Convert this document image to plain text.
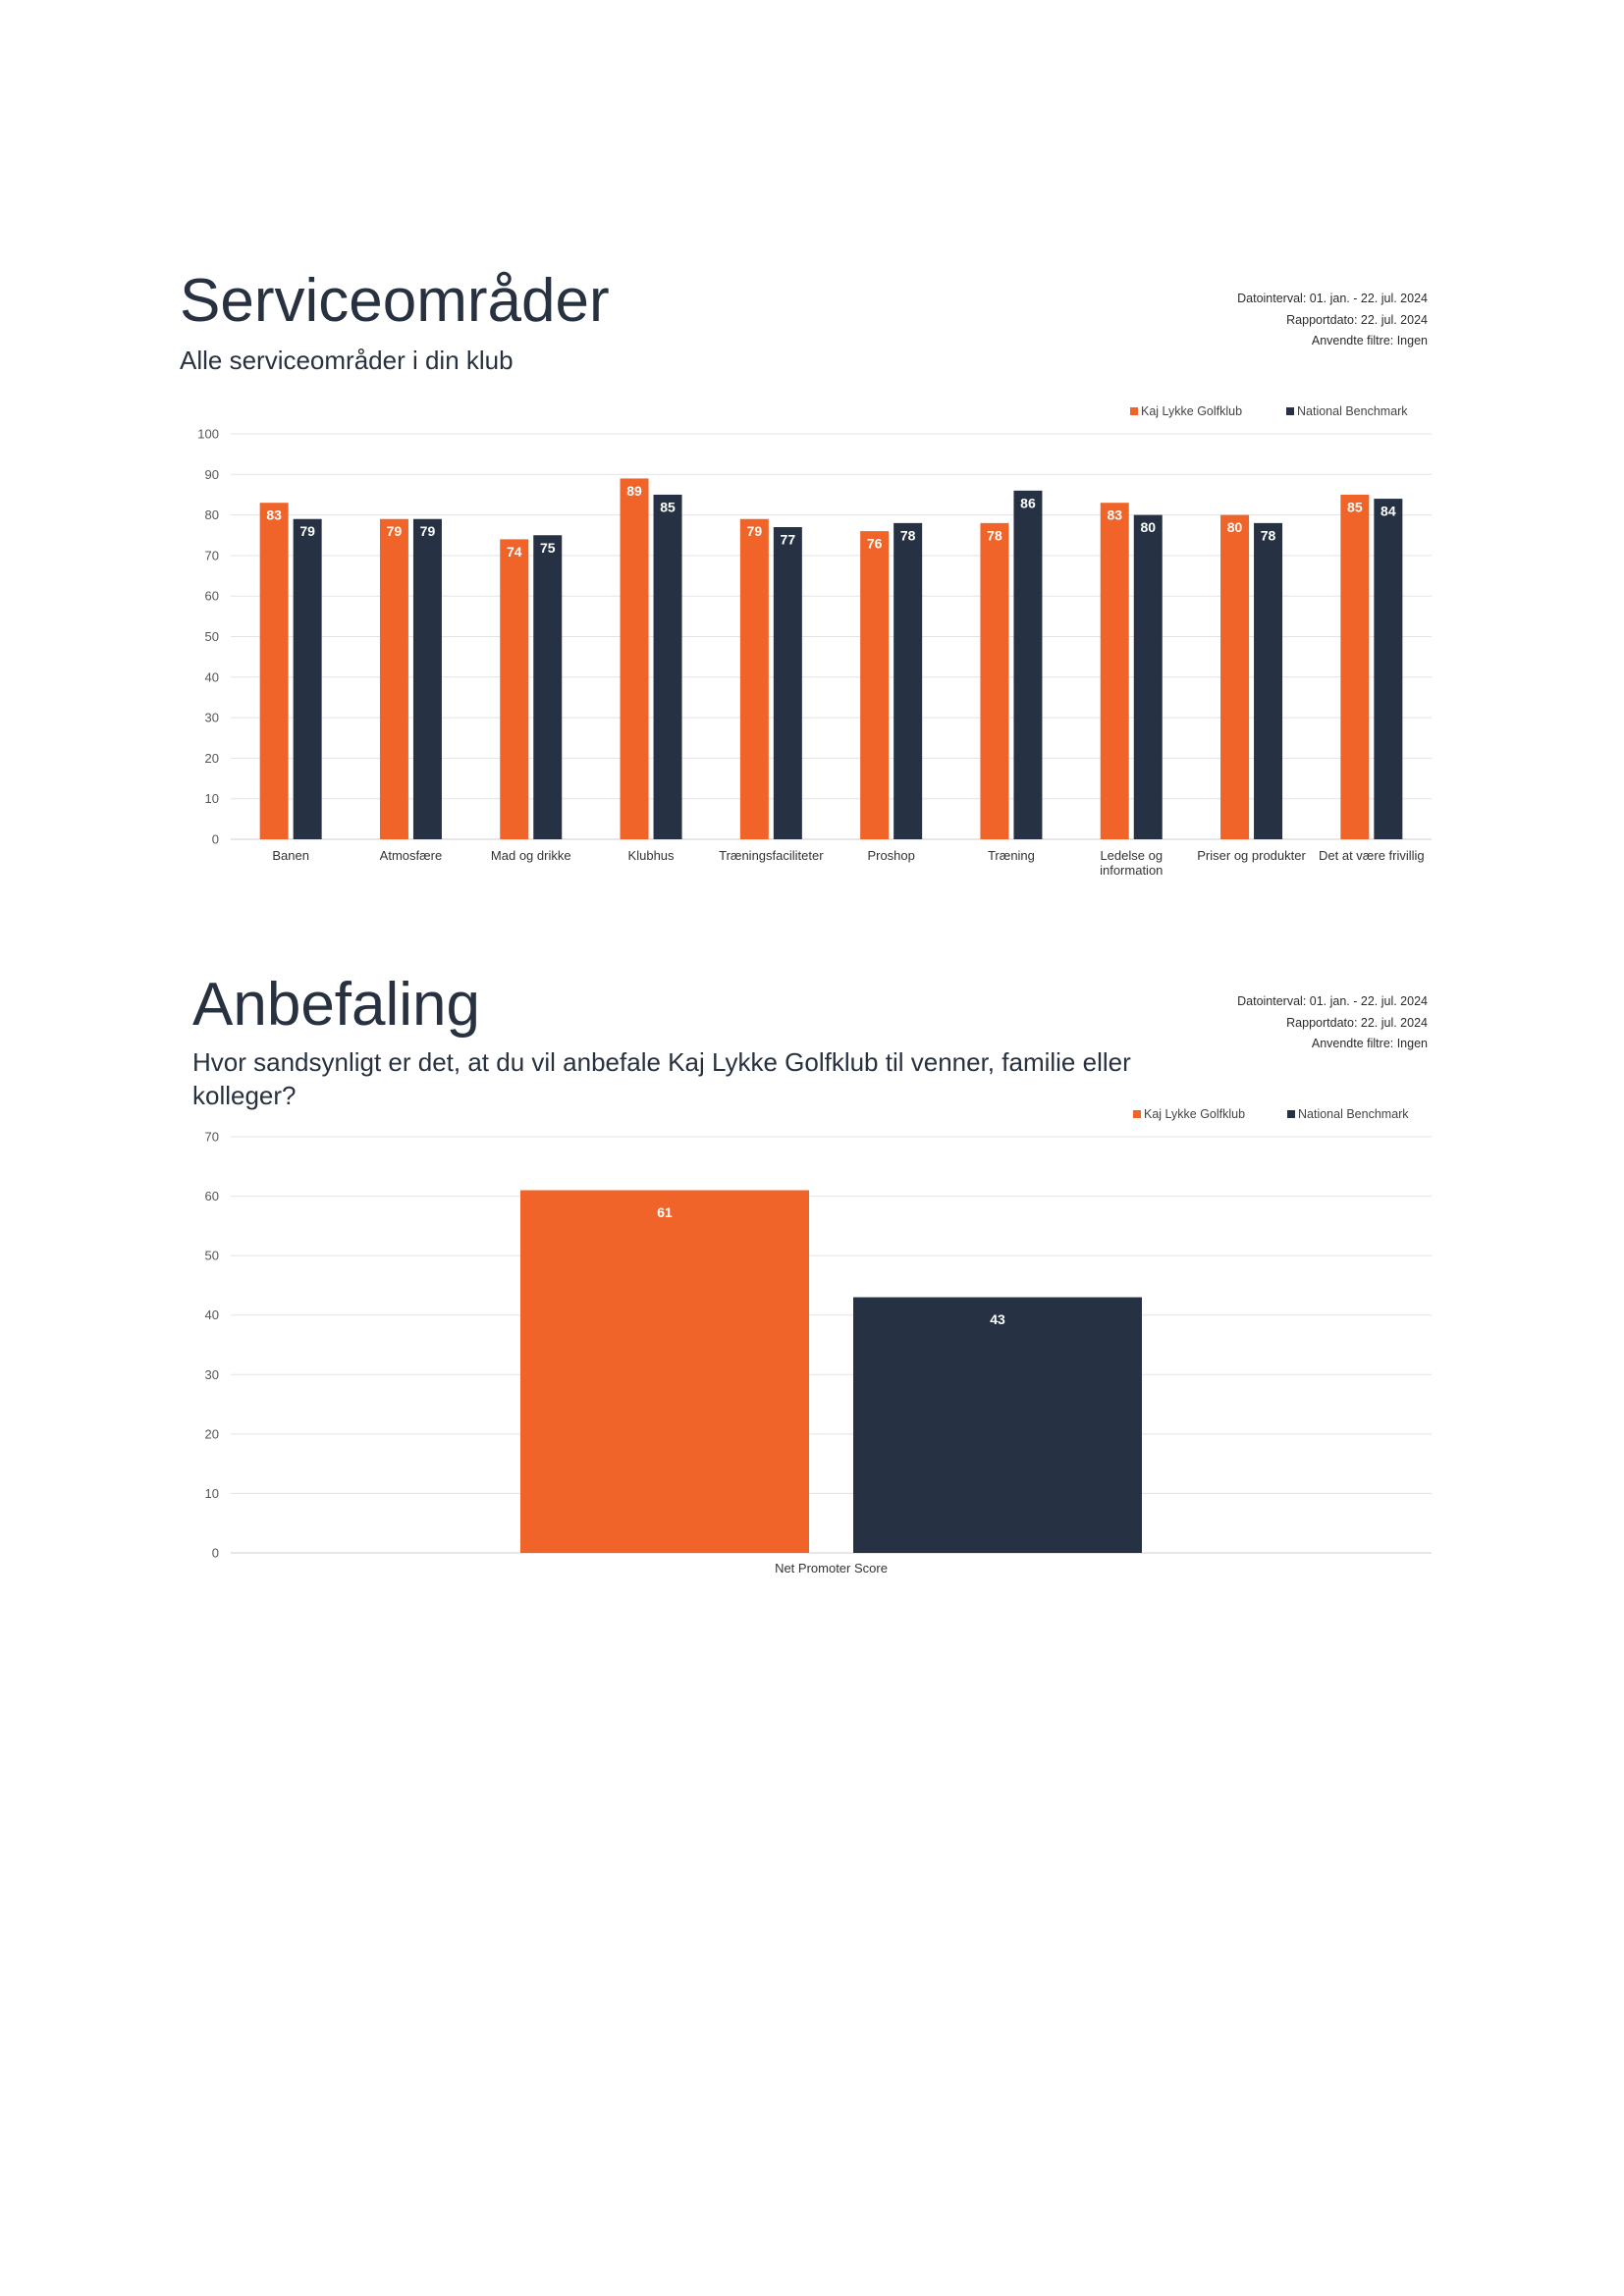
Serviceområder
Alle serviceområder i din klub
Datointerval: 01. jan. - 22. jul. 2024
Rapportdato: 22. jul. 2024
Anvendte filtre: Ingen
Kaj Lykke Golfklub	National Benchmark
0
10
20
30
40
50
60
70
80
90
100
83
79
Banen
79 79
Atmosfære
74 75
Mad og drikke
89
85
Klubhus
79
77
Træningsfaciliteter
76
78
Proshop
78
86
Træning
83
80
Ledelse og
information
80
78
Priser og produkter
85 84
Det at være frivillig
Anbefaling
Hvor sandsynligt er det, at du vil anbefale Kaj Lykke Golfklub til venner, familie eller kolleger?
Datointerval: 01. jan. - 22. jul. 2024
Rapportdato: 22. jul. 2024
Anvendte filtre: Ingen
Kaj Lykke Golfklub	National Benchmark
0
10
20
30
40
50
60
70
61
43
Net Promoter Score
